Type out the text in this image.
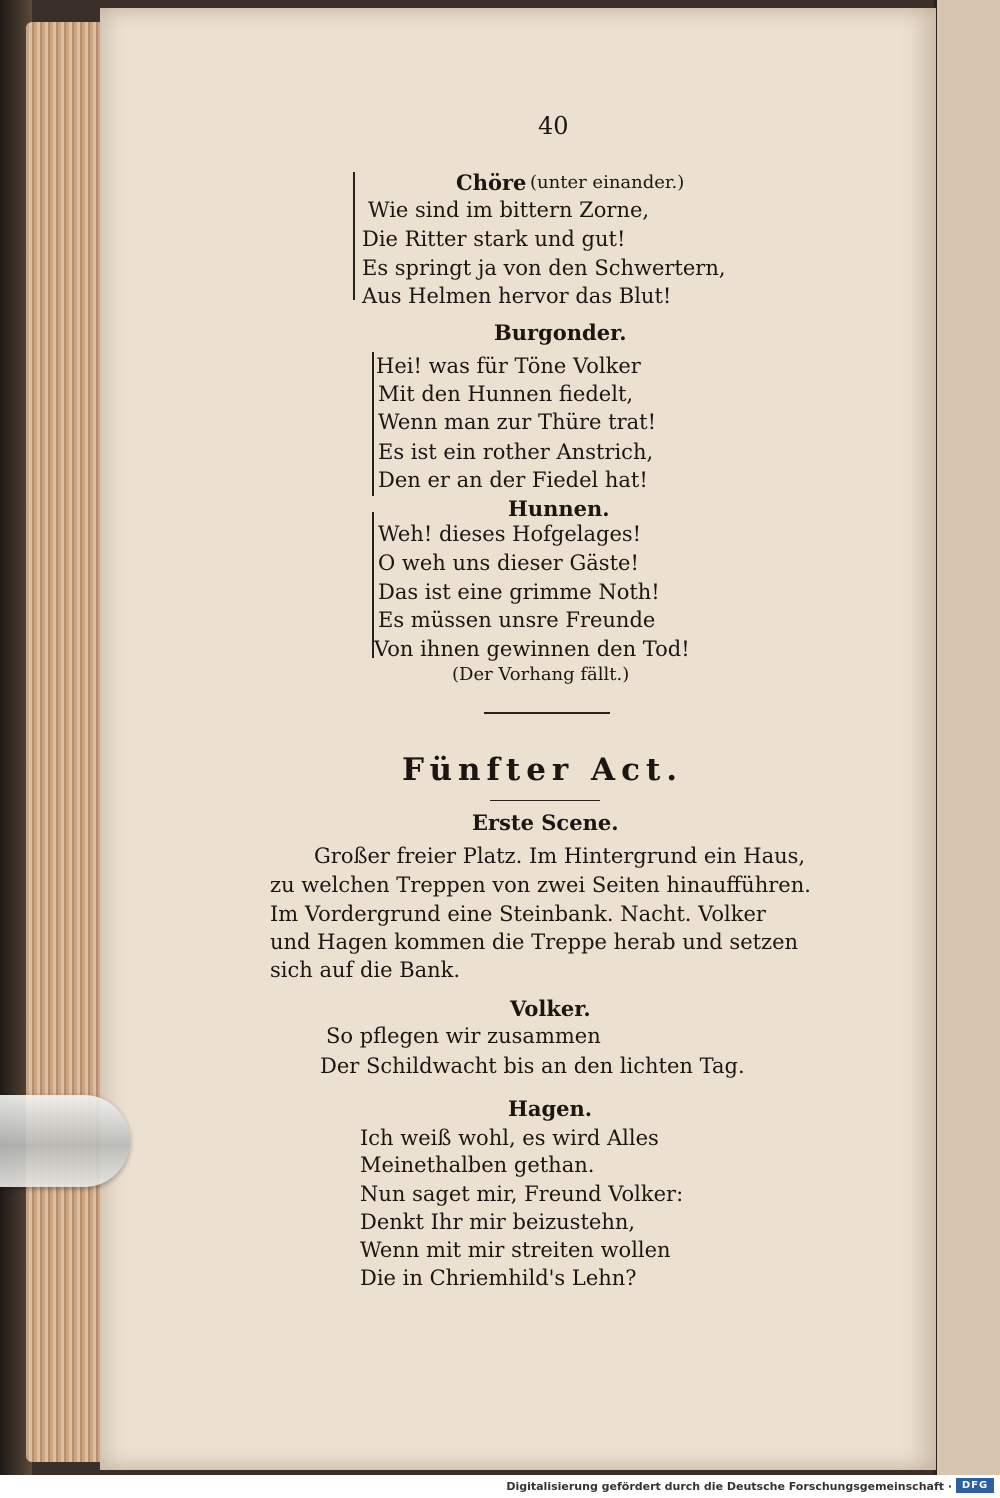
40
Chöre (unter einander.)
Wie sind im bittern Zorne,
Die Ritter stark und gut!
Es springt ja von den Schwertern,
Aus Helmen hervor das Blut!
Burgonder.
Hei! was für Töne Volker
Mit den Hunnen fiedelt,
Wenn man zur Thüre trat!
Es ist ein rother Anstrich,
Den er an der Fiedel hat!
Hunnen.
Weh! dieses Hofgelages!
O weh uns dieser Gäste!
Das ist eine grimme Noth!
Es müssen unsre Freunde
Von ihnen gewinnen den Tod!
(Der Vorhang fällt.)
Fünfter Act.
Erste Scene.
Großer freier Platz. Im Hintergrund ein Haus,
zu welchen Treppen von zwei Seiten hinaufführen.
Im Vordergrund eine Steinbank. Nacht. Volker
und Hagen kommen die Treppe herab und setzen
sich auf die Bank.
Volker.
So pflegen wir zusammen
Der Schildwacht bis an den lichten Tag.
Hagen.
Ich weiß wohl, es wird Alles
Meinethalben gethan.
Nun saget mir, Freund Volker:
Denkt Ihr mir beizustehn,
Wenn mit mir streiten wollen
Die in Chriemhild's Lehn?
Digitalisierung gefördert durch die Deutsche Forschungsgemeinschaft · DFG
